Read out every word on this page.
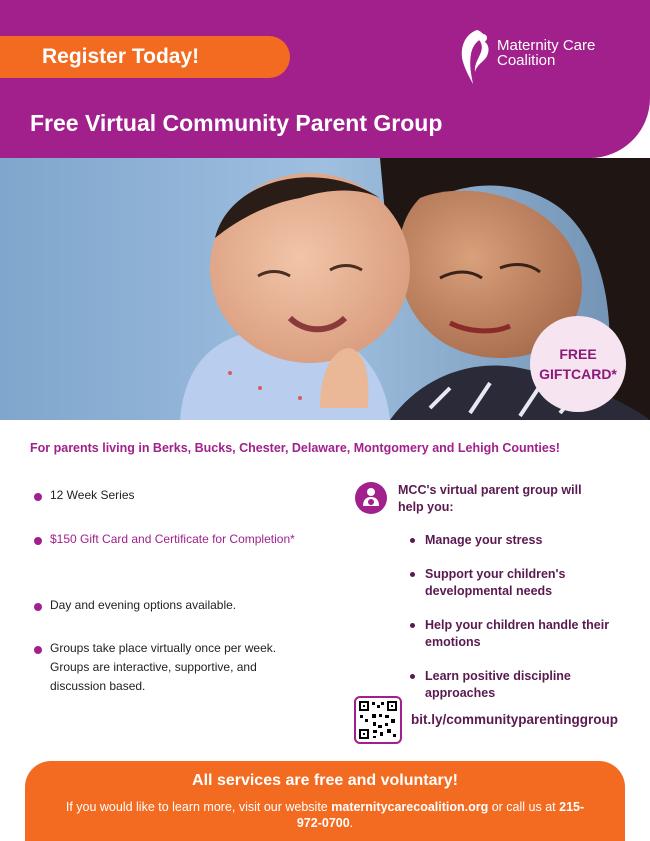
Register Today!	Maternity Care
Coalition
Free Virtual Community Parent Group
FREE
GIFTCARD*
For parents living in Berks, Bucks, Chester, Delaware, Montgomery and Lehigh Counties!
12 Week Series
$150 Gift Card and Certificate for Completion*
Day and evening options available.
Groups take place virtually once per week. Groups are interactive, supportive, and discussion based.
MCC's virtual parent group will help you:
Manage your stress
Support your children's developmental needs
Help your children handle their emotions
Learn positive discipline approaches
bit.ly/communityparentinggroup
All services are free and voluntary!
If you would like to learn more, visit our website maternitycarecoalition.org or call us at 215-972-0700.
